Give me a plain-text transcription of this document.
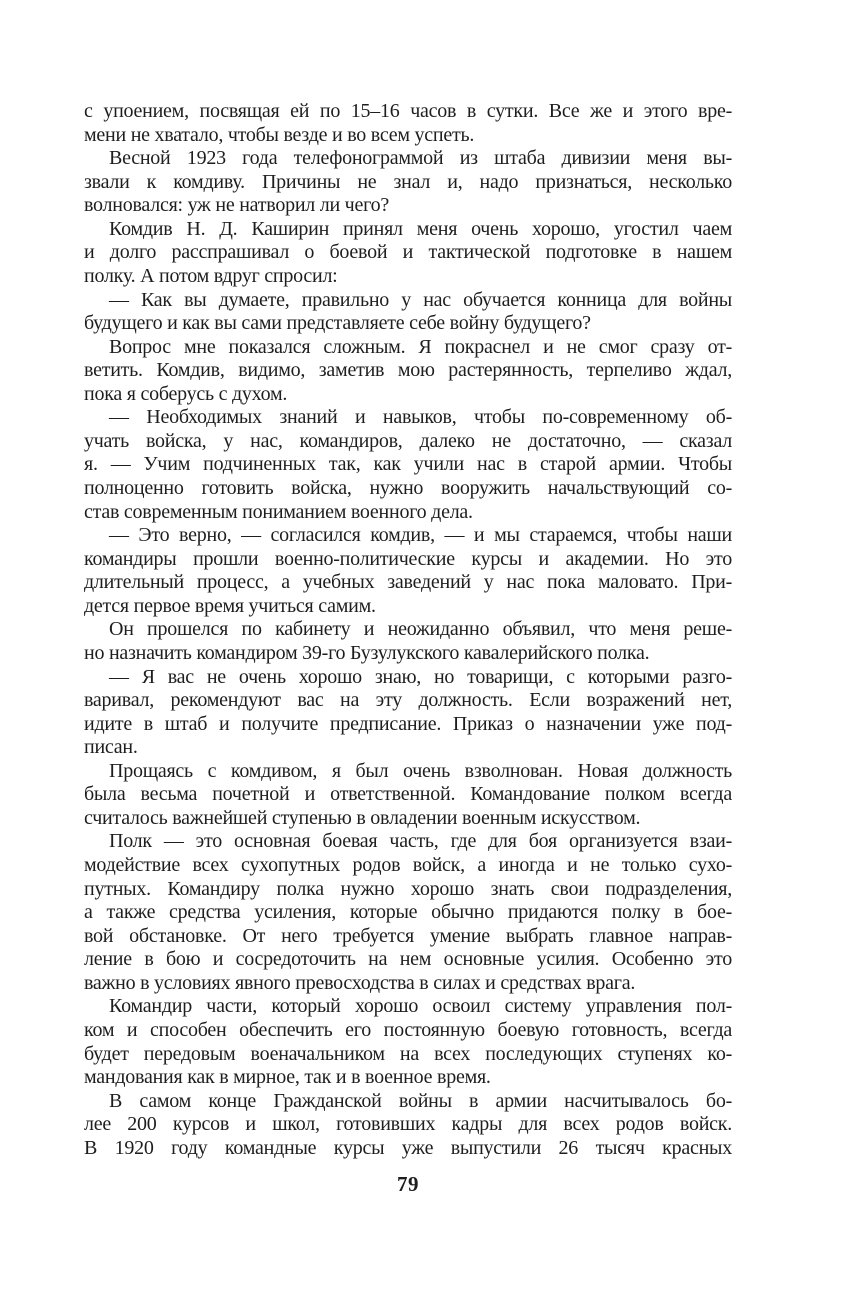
с упоением, посвящая ей по 15–16 часов в сутки. Все же и этого вре-
мени не хватало, чтобы везде и во всем успеть.
Весной 1923 года телефонограммой из штаба дивизии меня вы-
звали к комдиву. Причины не знал и, надо признаться, несколько
волновался: уж не натворил ли чего?
Комдив Н. Д. Каширин принял меня очень хорошо, угостил чаем
и долго расспрашивал о боевой и тактической подготовке в нашем
полку. А потом вдруг спросил:
— Как вы думаете, правильно у нас обучается конница для войны
будущего и как вы сами представляете себе войну будущего?
Вопрос мне показался сложным. Я покраснел и не смог сразу от-
ветить. Комдив, видимо, заметив мою растерянность, терпеливо ждал,
пока я соберусь с духом.
— Необходимых знаний и навыков, чтобы по-современному об-
учать войска, у нас, командиров, далеко не достаточно, — сказал
я. — Учим подчиненных так, как учили нас в старой армии. Чтобы
полноценно готовить войска, нужно вооружить начальствующий со-
став современным пониманием военного дела.
— Это верно, — согласился комдив, — и мы стараемся, чтобы наши
командиры прошли военно-политические курсы и академии. Но это
длительный процесс, а учебных заведений у нас пока маловато. При-
дется первое время учиться самим.
Он прошелся по кабинету и неожиданно объявил, что меня реше-
но назначить командиром 39-го Бузулукского кавалерийского полка.
— Я вас не очень хорошо знаю, но товарищи, с которыми разго-
варивал, рекомендуют вас на эту должность. Если возражений нет,
идите в штаб и получите предписание. Приказ о назначении уже под-
писан.
Прощаясь с комдивом, я был очень взволнован. Новая должность
была весьма почетной и ответственной. Командование полком всегда
считалось важнейшей ступенью в овладении военным искусством.
Полк — это основная боевая часть, где для боя организуется взаи-
модействие всех сухопутных родов войск, а иногда и не только сухо-
путных. Командиру полка нужно хорошо знать свои подразделения,
а также средства усиления, которые обычно придаются полку в бое-
вой обстановке. От него требуется умение выбрать главное направ-
ление в бою и сосредоточить на нем основные усилия. Особенно это
важно в условиях явного превосходства в силах и средствах врага.
Командир части, который хорошо освоил систему управления пол-
ком и способен обеспечить его постоянную боевую готовность, всегда
будет передовым военачальником на всех последующих ступенях ко-
мандования как в мирное, так и в военное время.
В самом конце Гражданской войны в армии насчитывалось бо-
лее 200 курсов и школ, готовивших кадры для всех родов войск.
В 1920 году командные курсы уже выпустили 26 тысяч красных
79
